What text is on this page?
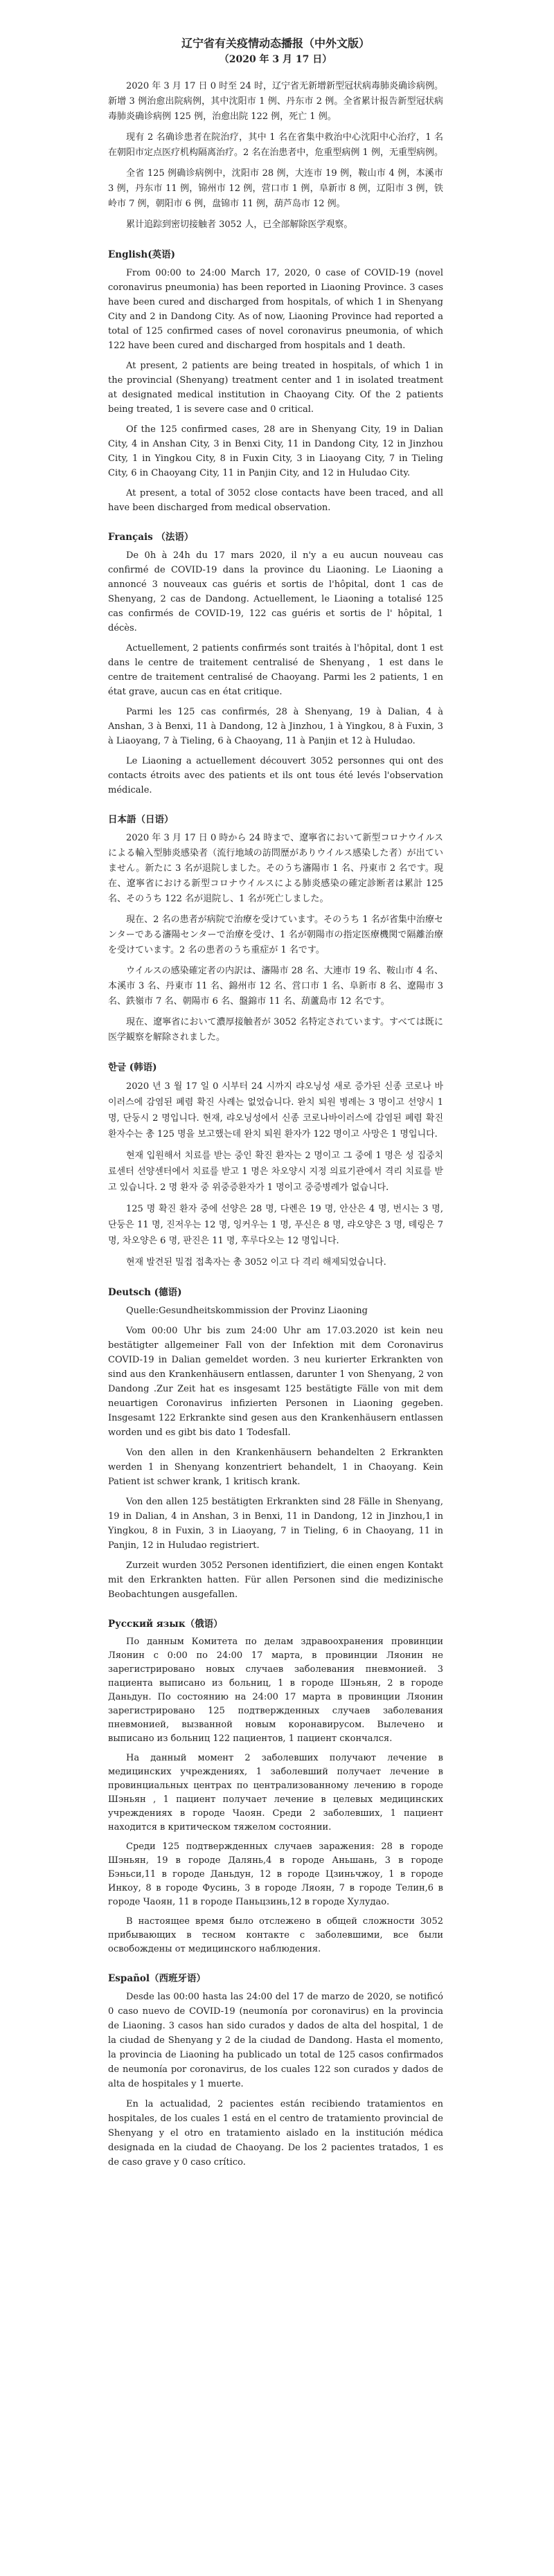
辽宁省有关疫情动态播报（中外文版）
（2020 年 3 月 17 日）

2020 年 3 月 17 日 0 时至 24 时，辽宁省无新增新型冠状病毒肺炎确诊病例。新增 3 例治愈出院病例，其中沈阳市 1 例、丹东市 2 例。全省累计报告新型冠状病毒肺炎确诊病例 125 例，治愈出院 122 例，死亡 1 例。

现有 2 名确诊患者在院治疗，其中 1 名在省集中救治中心沈阳中心治疗，1 名在朝阳市定点医疗机构隔离治疗。2 名在治患者中，危重型病例 1 例，无重型病例。

全省 125 例确诊病例中，沈阳市 28 例，大连市 19 例，鞍山市 4 例，本溪市 3 例，丹东市 11 例，锦州市 12 例，营口市 1 例，阜新市 8 例，辽阳市 3 例，铁岭市 7 例，朝阳市 6 例，盘锦市 11 例，葫芦岛市 12 例。

累计追踪到密切接触者 3052 人，已全部解除医学观察。

English(英语)

From 00:00 to 24:00 March 17, 2020, 0 case of COVID-19 (novel coronavirus pneumonia) has been reported in Liaoning Province. 3 cases have been cured and discharged from hospitals, of which 1 in Shenyang City and 2 in Dandong City. As of now, Liaoning Province had reported a total of 125 confirmed cases of novel coronavirus pneumonia, of which 122 have been cured and discharged from hospitals and 1 death.

At present, 2 patients are being treated in hospitals, of which 1 in the provincial (Shenyang) treatment center and 1 in isolated treatment at designated medical institution in Chaoyang City. Of the 2 patients being treated, 1 is severe case and 0 critical.

Of the 125 confirmed cases, 28 are in Shenyang City, 19 in Dalian City, 4 in Anshan City, 3 in Benxi City, 11 in Dandong City, 12 in Jinzhou City, 1 in Yingkou City, 8 in Fuxin City, 3 in Liaoyang City, 7 in Tieling City, 6 in Chaoyang City, 11 in Panjin City, and 12 in Huludao City.

At present, a total of 3052 close contacts have been traced, and all have been discharged from medical observation.

Français （法语）

De 0h à 24h du 17 mars 2020, il n'y a eu aucun nouveau cas confirmé de COVID-19 dans la province du Liaoning. Le Liaoning a annoncé 3 nouveaux cas guéris et sortis de l'hôpital, dont 1 cas de Shenyang, 2 cas de Dandong. Actuellement, le Liaoning a totalisé 125 cas confirmés de COVID-19, 122 cas guéris et sortis de l' hôpital, 1 décès.

Actuellement, 2 patients confirmés sont traités à l'hôpital, dont 1 est dans le centre de traitement centralisé de Shenyang，1 est dans le centre de traitement centralisé de Chaoyang. Parmi les 2 patients, 1 en état grave, aucun cas en état critique.

Parmi les 125 cas confirmés, 28 à Shenyang, 19 à Dalian, 4 à Anshan, 3 à Benxi, 11 à Dandong, 12 à Jinzhou, 1 à Yingkou, 8 à Fuxin, 3 à Liaoyang, 7 à Tieling, 6 à Chaoyang, 11 à Panjin et 12 à Huludao.

Le Liaoning a actuellement découvert 3052 personnes qui ont des contacts étroits avec des patients et ils ont tous été levés l'observation médicale.

日本語（日语）

2020 年 3 月 17 日 0 時から 24 時まで、遼寧省において新型コロナウイルスによる輸入型肺炎感染者（流行地域の訪問歴がありウイルス感染した者）が出ていません。新たに 3 名が退院しました。そのうち瀋陽市 1 名、丹東市 2 名です。現在、遼寧省における新型コロナウイルスによる肺炎感染の確定診断者は累計 125 名、そのうち 122 名が退院し、1 名が死亡しました。

現在、2 名の患者が病院で治療を受けています。そのうち 1 名が省集中治療センターである瀋陽センターで治療を受け、1 名が朝陽市の指定医療機関で隔離治療を受けています。2 名の患者のうち重症が 1 名です。

ウイルスの感染確定者の内訳は、瀋陽市 28 名、大連市 19 名、鞍山市 4 名、本溪市 3 名、丹東市 11 名、錦州市 12 名、営口市 1 名、阜新市 8 名、遼陽市 3 名、鉄嶺市 7 名、朝陽市 6 名、盤錦市 11 名、葫蘆島市 12 名です。

現在、遼寧省において濃厚接触者が 3052 名特定されています。すべては既に医学観察を解除されました。

한글 (韩语)

2020 년 3 월 17 일 0 시부터 24 시까지 랴오닝성 새로 증가된 신종 코로나 바이러스에 감염된 폐렴 확진 사례는 없었습니다. 완치 퇴원 병례는 3 명이고 선양시 1 명, 단둥시 2 명입니다. 현재, 랴오닝성에서 신종 코로나바이러스에 감염된 폐렴 확진 환자수는 총 125 명을 보고했는데 완치 퇴원 환자가 122 명이고 사망은 1 명입니다.

현재 입원해서 치료를 받는 중인 확진 환자는 2 명이고 그 중에 1 명은 성 집중치료센터 선양센터에서 치료를 받고 1 명은 차오양시 지정 의료기관에서 격리 치료를 받고 있습니다. 2 명 환자 중 위중증환자가 1 명이고 중증병례가 없습니다.

125 명 확진 환자 중에 선양은 28 명, 다롄은 19 명, 안산은 4 명, 번시는 3 명, 단둥은 11 명, 진저우는 12 명, 잉커우는 1 명, 푸신은 8 명, 랴오양은 3 명, 톄링은 7 명, 차오양은 6 명, 판진은 11 명, 후루다오는 12 명입니다.

현재 발견된 밀접 접촉자는 총 3052 이고 다 격리 해제되었습니다.

Deutsch (德语)

Quelle:Gesundheitskommission der Provinz Liaoning

Vom 00:00 Uhr bis zum 24:00 Uhr am 17.03.2020 ist kein neu bestätigter allgemeiner Fall von der Infektion mit dem Coronavirus COVID-19 in Dalian gemeldet worden. 3 neu kurierter Erkrankten von sind aus den Krankenhäusern entlassen, darunter 1 von Shenyang, 2 von Dandong .Zur Zeit hat es insgesamt 125 bestätigte Fälle von mit dem neuartigen Coronavirus infizierten Personen in Liaoning gegeben. Insgesamt 122 Erkrankte sind gesen aus den Krankenhäusern entlassen worden und es gibt bis dato 1 Todesfall.

Von den allen in den Krankenhäusern behandelten 2 Erkrankten werden 1 in Shenyang konzentriert behandelt, 1 in Chaoyang. Kein Patient ist schwer krank, 1 kritisch krank.

Von den allen 125 bestätigten Erkrankten sind 28 Fälle in Shenyang, 19 in Dalian, 4 in Anshan, 3 in Benxi, 11 in Dandong, 12 in Jinzhou,1 in Yingkou, 8 in Fuxin, 3 in Liaoyang, 7 in Tieling, 6 in Chaoyang, 11 in Panjin, 12 in Huludao registriert.

Zurzeit wurden 3052 Personen identifiziert, die einen engen Kontakt mit den Erkrankten hatten. Für allen Personen sind die medizinische Beobachtungen ausgefallen.

Русский язык（俄语）

По данным Комитета по делам здравоохранения провинции Ляонин с 0:00 по 24:00 17 марта, в провинции Ляонин не зарегистрировано новых случаев заболевания пневмонией. 3 пациента выписано из больниц, 1 в городе Шэньян, 2 в городе Даньдун. По состоянию на 24:00 17 марта в провинции Ляонин зарегистрировано 125 подтвержденных случаев заболевания пневмонией, вызванной новым коронавирусом. Вылечено и выписано из больниц 122 пациентов, 1 пациент скончался.

На данный момент 2 заболевших получают лечение в медицинских учреждениях, 1 заболевший получает лечение в провинциальных центрах по централизованному лечению в городе Шэньян , 1 пациент получает лечение в целевых медицинских учреждениях в городе Чаоян. Среди 2 заболевших, 1 пациент находится в критическом тяжелом состоянии.

Среди 125 подтвержденных случаев заражения: 28 в городе Шэньян, 19 в городе Далянь,4 в городе Аньшань, 3 в городе Бэньси,11 в городе Даньдун, 12 в городе Цзиньчжоу, 1 в городе Инкоу, 8 в городе Фусинь, 3 в городе Ляоян, 7 в городе Телин,6 в городе Чаоян, 11 в городе Паньцзинь,12 в городе Хулудао.

В настоящее время было отслежено в общей сложности 3052 прибывающих в тесном контакте с заболевшими, все были освобождены от медицинского наблюдения.

Español（西班牙语）

Desde las 00:00 hasta las 24:00 del 17 de marzo de 2020, se notificó 0 caso nuevo de COVID-19 (neumonía por coronavirus) en la provincia de Liaoning. 3 casos han sido curados y dados de alta del hospital, 1 de la ciudad de Shenyang y 2 de la ciudad de Dandong. Hasta el momento, la provincia de Liaoning ha publicado un total de 125 casos confirmados de neumonía por coronavirus, de los cuales 122 son curados y dados de alta de hospitales y 1 muerte.

En la actualidad, 2 pacientes están recibiendo tratamientos en hospitales, de los cuales 1 está en el centro de tratamiento provincial de Shenyang y el otro en tratamiento aislado en la institución médica designada en la ciudad de Chaoyang. De los 2 pacientes tratados, 1 es de caso grave y 0 caso crítico.
